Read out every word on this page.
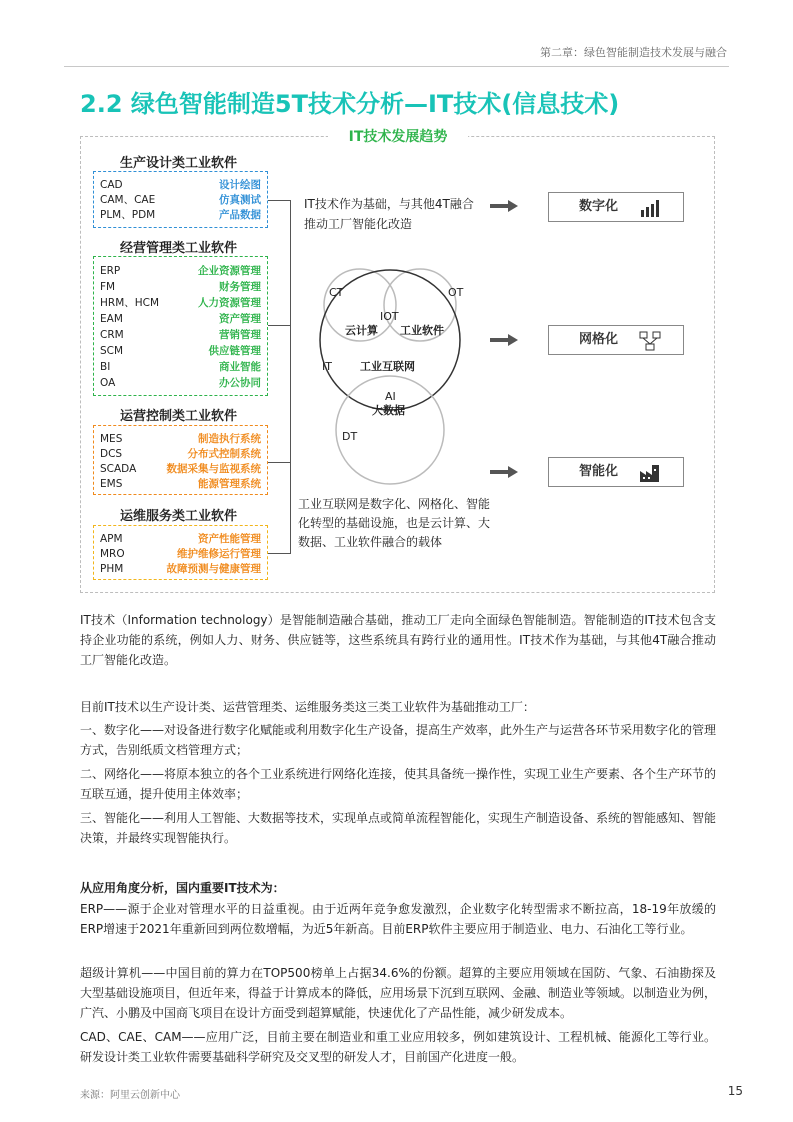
第二章：绿色智能制造技术发展与融合
2.2 绿色智能制造5T技术分析—IT技术(信息技术)
IT技术发展趋势
生产设计类工业软件
CAD	设计绘图
CAM、CAE	仿真测试
PLM、PDM	产品数据
经营管理类工业软件
ERP	企业资源管理
FM	财务管理
HRM、HCM	人力资源管理
EAM	资产管理
CRM	营销管理
SCM	供应链管理
BI	商业智能
OA	办公协同
运营控制类工业软件
MES	制造执行系统
DCS	分布式控制系统
SCADA	数据采集与监视系统
EMS	能源管理系统
运维服务类工业软件
APM	资产性能管理
MRO	维护维修运行管理
PHM	故障预测与健康管理
IT技术作为基础，与其他4T融合推动工厂智能化改造
数字化
网格化
智能化
CT	OT
IOT
云计算 工业软件
IT	工业互联网
AI
大数据
DT
工业互联网是数字化、网格化、智能化转型的基础设施，也是云计算、大数据、工业软件融合的载体
IT技术（Information technology）是智能制造融合基础，推动工厂走向全面绿色智能制造。智能制造的IT技术包含支持企业功能的系统，例如人力、财务、供应链等，这些系统具有跨行业的通用性。IT技术作为基础，与其他4T融合推动工厂智能化改造。
目前IT技术以生产设计类、运营管理类、运维服务类这三类工业软件为基础推动工厂：
一、数字化——对设备进行数字化赋能或利用数字化生产设备，提高生产效率，此外生产与运营各环节采用数字化的管理方式，告别纸质文档管理方式；
二、网络化——将原本独立的各个工业系统进行网络化连接，使其具备统一操作性，实现工业生产要素、各个生产环节的互联互通，提升使用主体效率；
三、智能化——利用人工智能、大数据等技术，实现单点或简单流程智能化，实现生产制造设备、系统的智能感知、智能决策，并最终实现智能执行。
从应用角度分析，国内重要IT技术为：
ERP——源于企业对管理水平的日益重视。由于近两年竞争愈发激烈，企业数字化转型需求不断拉高，18-19年放缓的ERP增速于2021年重新回到两位数增幅，为近5年新高。目前ERP软件主要应用于制造业、电力、石油化工等行业。
超级计算机——中国目前的算力在TOP500榜单上占据34.6%的份额。超算的主要应用领域在国防、气象、石油勘探及大型基础设施项目，但近年来，得益于计算成本的降低，应用场景下沉到互联网、金融、制造业等领域。以制造业为例，广汽、小鹏及中国商飞项目在设计方面受到超算赋能，快速优化了产品性能，减少研发成本。
CAD、CAE、CAM——应用广泛，目前主要在制造业和重工业应用较多，例如建筑设计、工程机械、能源化工等行业。研发设计类工业软件需要基础科学研究及交叉型的研发人才，目前国产化进度一般。
来源：阿里云创新中心	15
